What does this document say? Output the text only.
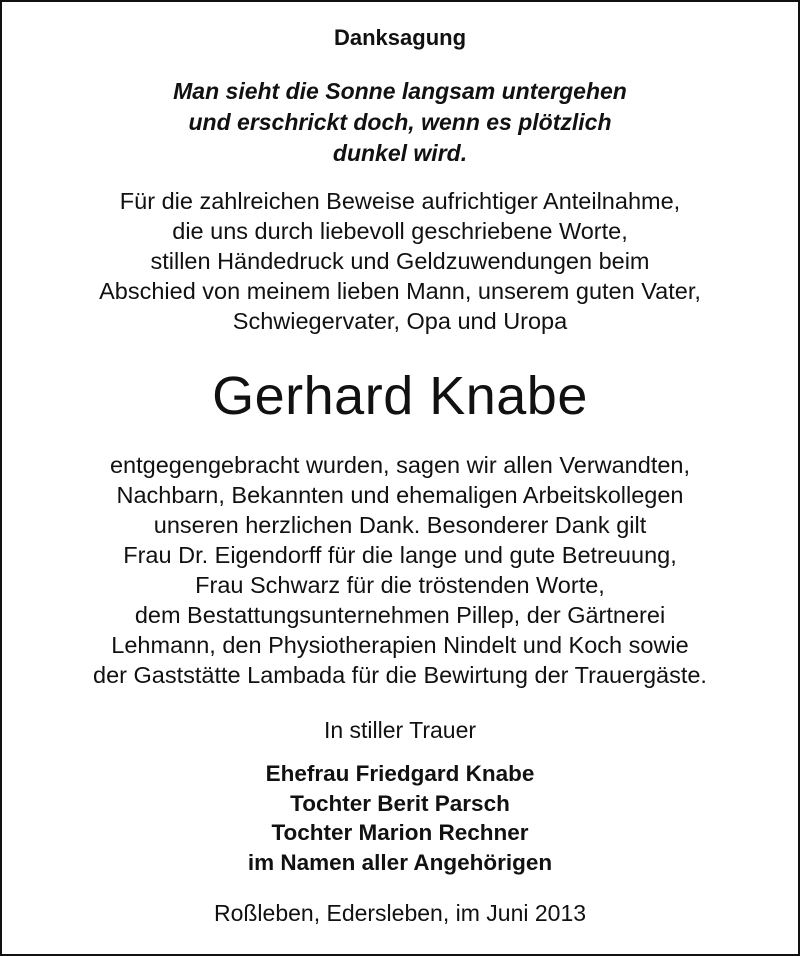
Danksagung
Man sieht die Sonne langsam untergehen
und erschrickt doch, wenn es plötzlich
dunkel wird.
Für die zahlreichen Beweise aufrichtiger Anteilnahme,
die uns durch liebevoll geschriebene Worte,
stillen Händedruck und Geldzuwendungen beim
Abschied von meinem lieben Mann, unserem guten Vater,
Schwiegervater, Opa und Uropa
Gerhard Knabe
entgegengebracht wurden, sagen wir allen Verwandten,
Nachbarn, Bekannten und ehemaligen Arbeitskollegen
unseren herzlichen Dank. Besonderer Dank gilt
Frau Dr. Eigendorff für die lange und gute Betreuung,
Frau Schwarz für die tröstenden Worte,
dem Bestattungsunternehmen Pillep, der Gärtnerei
Lehmann, den Physiotherapien Nindelt und Koch sowie
der Gaststätte Lambada für die Bewirtung der Trauergäste.
In stiller Trauer
Ehefrau Friedgard Knabe
Tochter Berit Parsch
Tochter Marion Rechner
im Namen aller Angehörigen
Roßleben, Edersleben, im Juni 2013
